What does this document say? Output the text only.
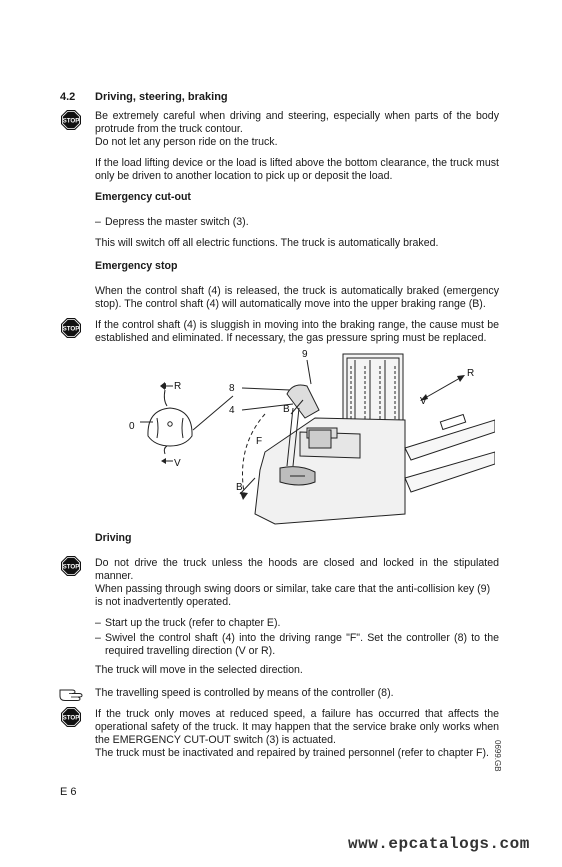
4.2 Driving, steering, braking
STOP Be extremely careful when driving and steering, especially when parts of the body protrude from the truck contour.
Do not let any person ride on the truck.
If the load lifting device or the load is lifted above the bottom clearance, the truck must only be driven to another location to pick up or deposit the load.
Emergency cut-out
– Depress the master switch (3).
This will switch off all electric functions. The truck is automatically braked.
Emergency stop
When the control shaft (4) is released, the truck is automatically braked (emergency stop). The control shaft (4) will automatically move into the upper braking range (B).
STOP If the control shaft (4) is sluggish in moving into the braking range, the cause must be established and eliminated. If necessary, the gas pressure spring must be replaced.
R
V
0
8
4
9
B
F
B
R
V
Driving
STOP Do not drive the truck unless the hoods are closed and locked in the stipulated manner.
When passing through swing doors or similar, take care that the anti-collision key (9) is not inadvertently operated.
– Start up the truck (refer to chapter E).
– Swivel the control shaft (4) into the driving range "F". Set the controller (8) to the required travelling direction (V or R).
The truck will move in the selected direction.
The travelling speed is controlled by means of the controller (8).
STOP If the truck only moves at reduced speed, a failure has occurred that affects the operational safety of the truck. It may happen that the service brake only works when the EMERGENCY CUT-OUT switch (3) is actuated.
The truck must be inactivated and repaired by trained personnel (refer to chapter F). 0699.GB
E 6
www.epcatalogs.com
